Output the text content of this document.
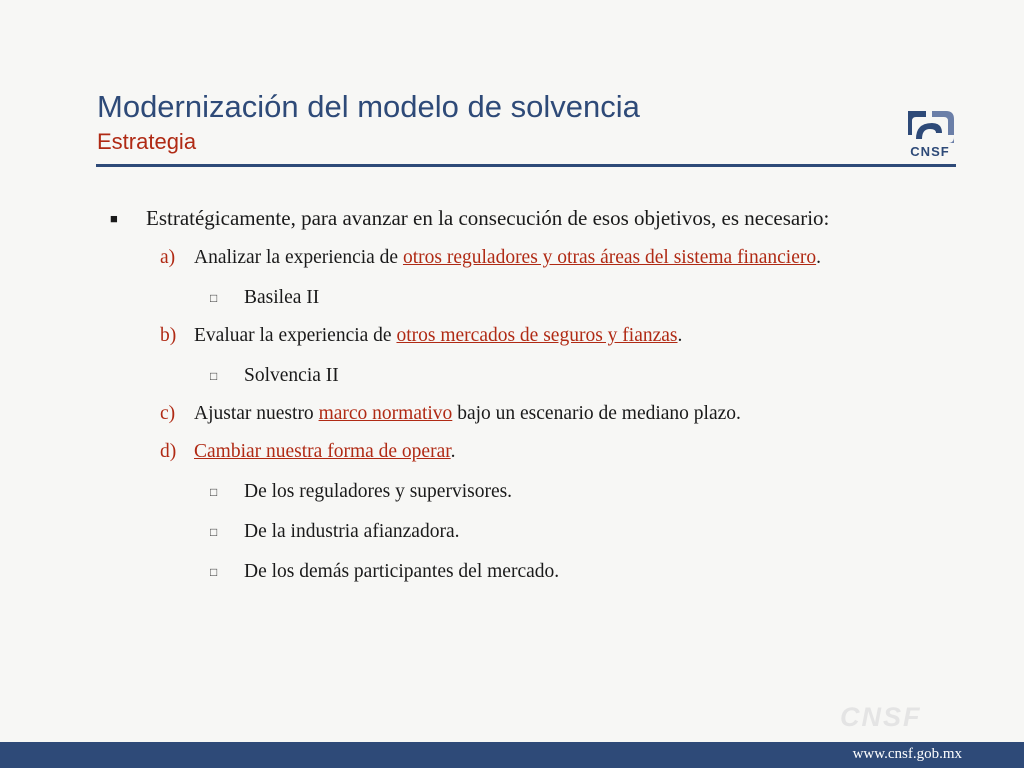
Modernización del modelo de solvencia
Estrategia	CNSF
■	Estratégicamente, para avanzar en la consecución de esos objetivos, es necesario:
a) Analizar la experiencia de otros reguladores y otras áreas del sistema financiero.
□	Basilea II
b) Evaluar la experiencia de otros mercados de seguros y fianzas.
□	Solvencia II
c) Ajustar nuestro marco normativo bajo un escenario de mediano plazo.
d) Cambiar nuestra forma de operar.
□	De los reguladores y supervisores.
□	De la industria afianzadora.
□	De los demás participantes del mercado.
CNSF
www.cnsf.gob.mx
